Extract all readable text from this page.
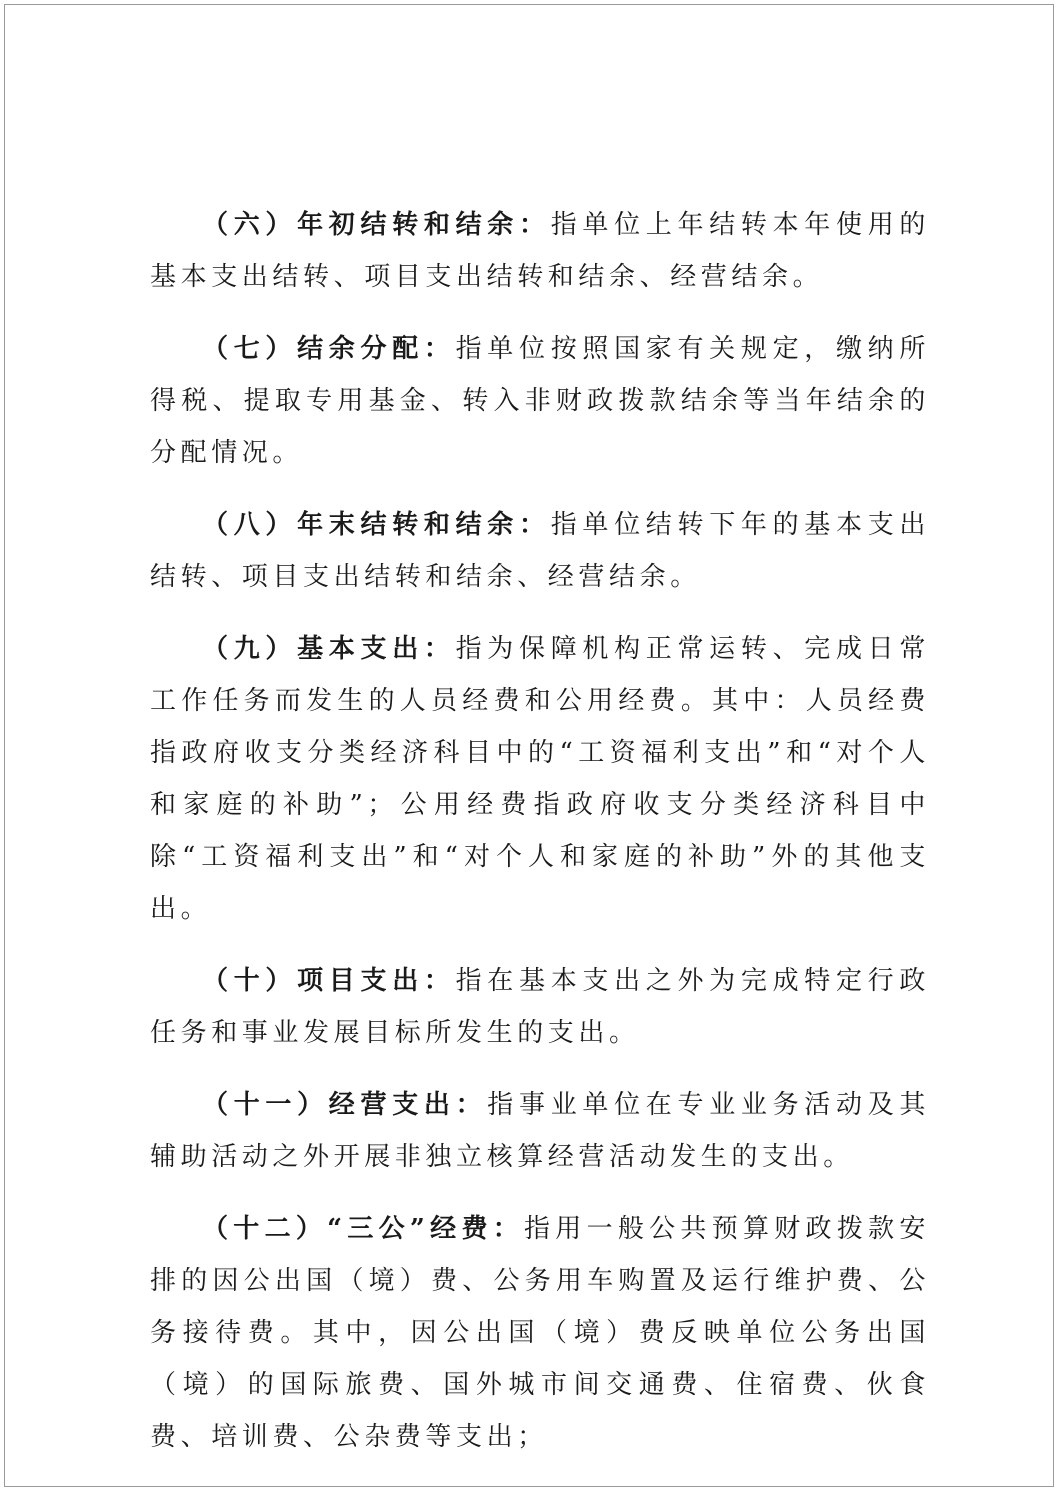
（六）年初结转和结余：指单位上年结转本年使用的基本支出结转、项目支出结转和结余、经营结余。

（七）结余分配：指单位按照国家有关规定，缴纳所得税、提取专用基金、转入非财政拨款结余等当年结余的分配情况。

（八）年末结转和结余：指单位结转下年的基本支出结转、项目支出结转和结余、经营结余。

（九）基本支出：指为保障机构正常运转、完成日常工作任务而发生的人员经费和公用经费。其中：人员经费指政府收支分类经济科目中的“工资福利支出”和“对个人和家庭的补助”；公用经费指政府收支分类经济科目中除“工资福利支出”和“对个人和家庭的补助”外的其他支出。

（十）项目支出：指在基本支出之外为完成特定行政任务和事业发展目标所发生的支出。

（十一）经营支出：指事业单位在专业业务活动及其辅助活动之外开展非独立核算经营活动发生的支出。

（十二）“三公”经费：指用一般公共预算财政拨款安排的因公出国（境）费、公务用车购置及运行维护费、公务接待费。其中，因公出国（境）费反映单位公务出国（境）的国际旅费、国外城市间交通费、住宿费、伙食费、培训费、公杂费等支出；
